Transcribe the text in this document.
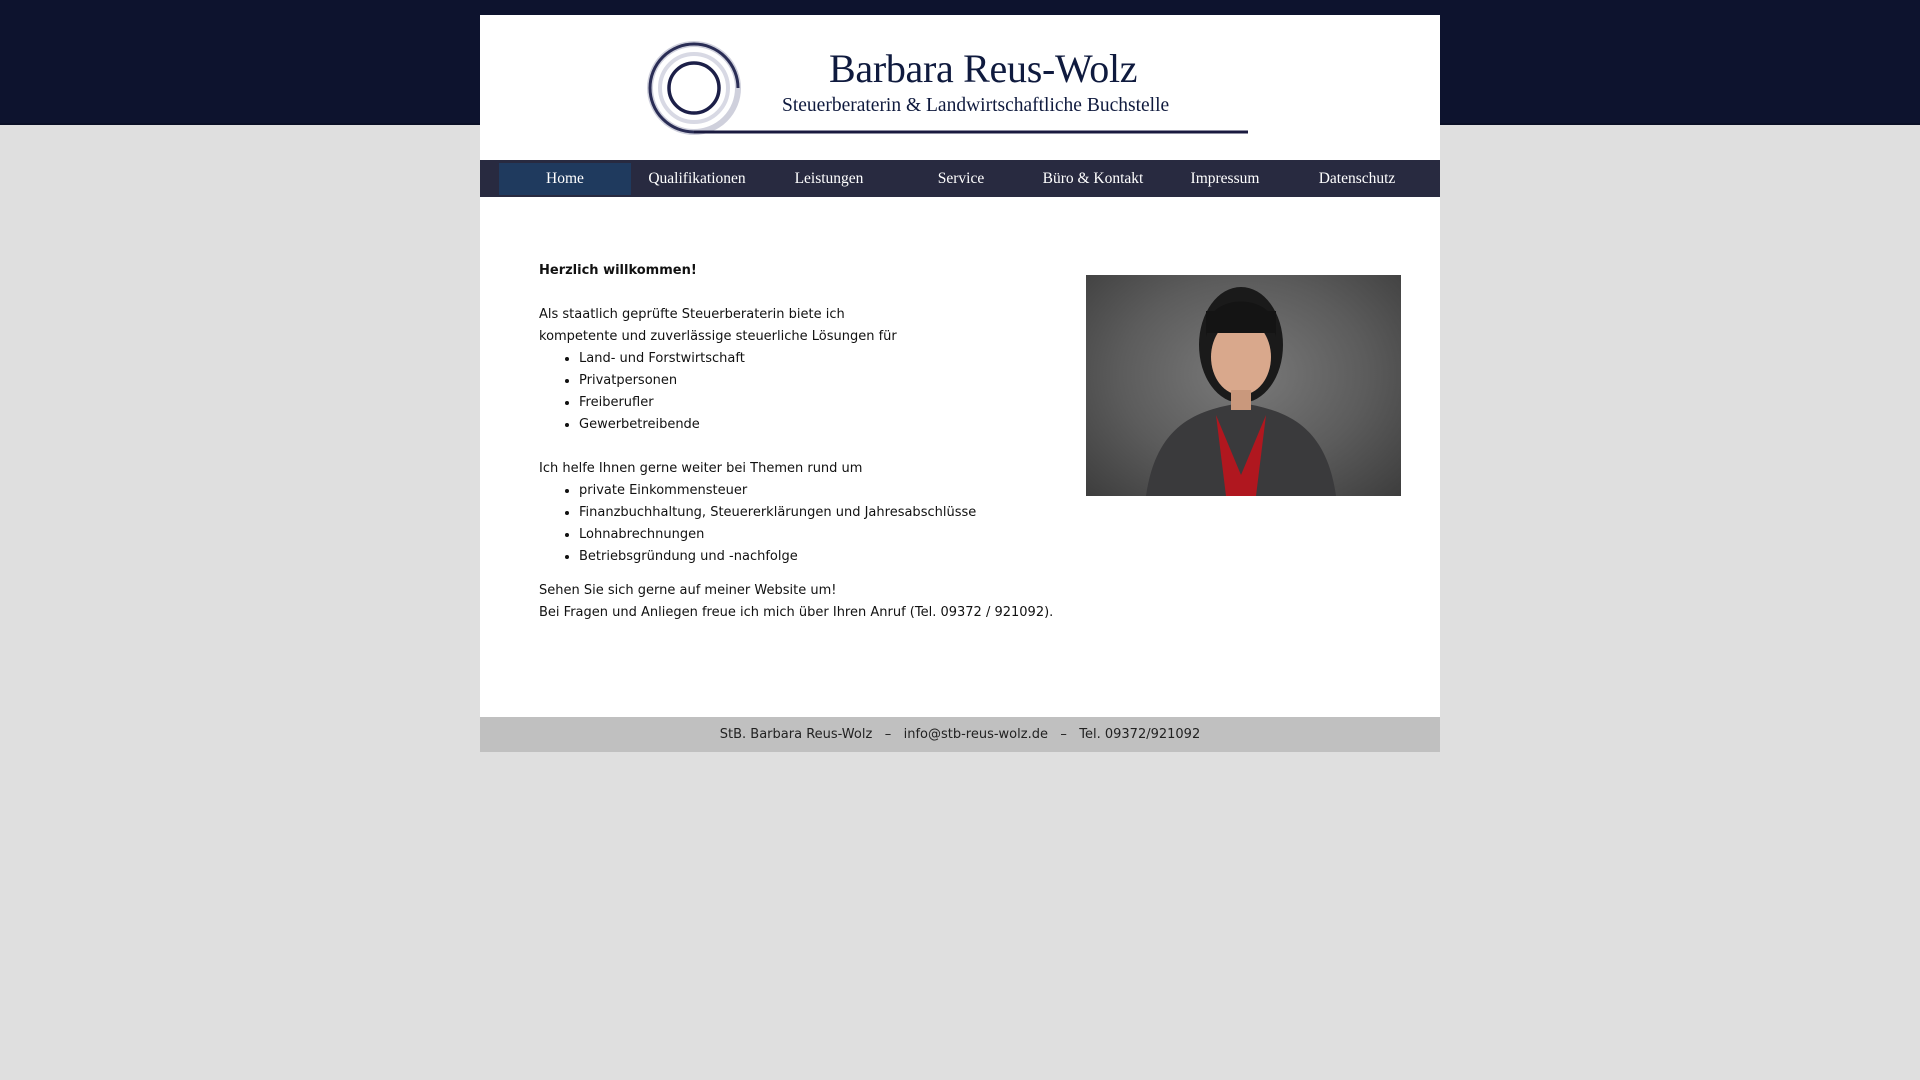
Barbara Reus-Wolz
Steuerberaterin & Landwirtschaftliche Buchstelle
Home	Qualifikationen	Leistungen	Service	Büro & Kontakt	Impressum	Datenschutz
Herzlich willkommen!

Als staatlich geprüfte Steuerberaterin biete ich

kompetente und zuverlässige steuerliche Lösungen für

• Land- und Forstwirtschaft
• Privatpersonen
• Freiberufler
• Gewerbetreibende

Ich helfe Ihnen gerne weiter bei Themen rund um

• private Einkommensteuer
• Finanzbuchhaltung, Steuererklärungen und Jahresabschlüsse
• Lohnabrechnungen
• Betriebsgründung und -nachfolge

Sehen Sie sich gerne auf meiner Website um!

Bei Fragen und Anliegen freue ich mich über Ihren Anruf (Tel. 09372 / 921092).

StB. Barbara Reus-Wolz – info@stb-reus-wolz.de – Tel. 09372/921092
